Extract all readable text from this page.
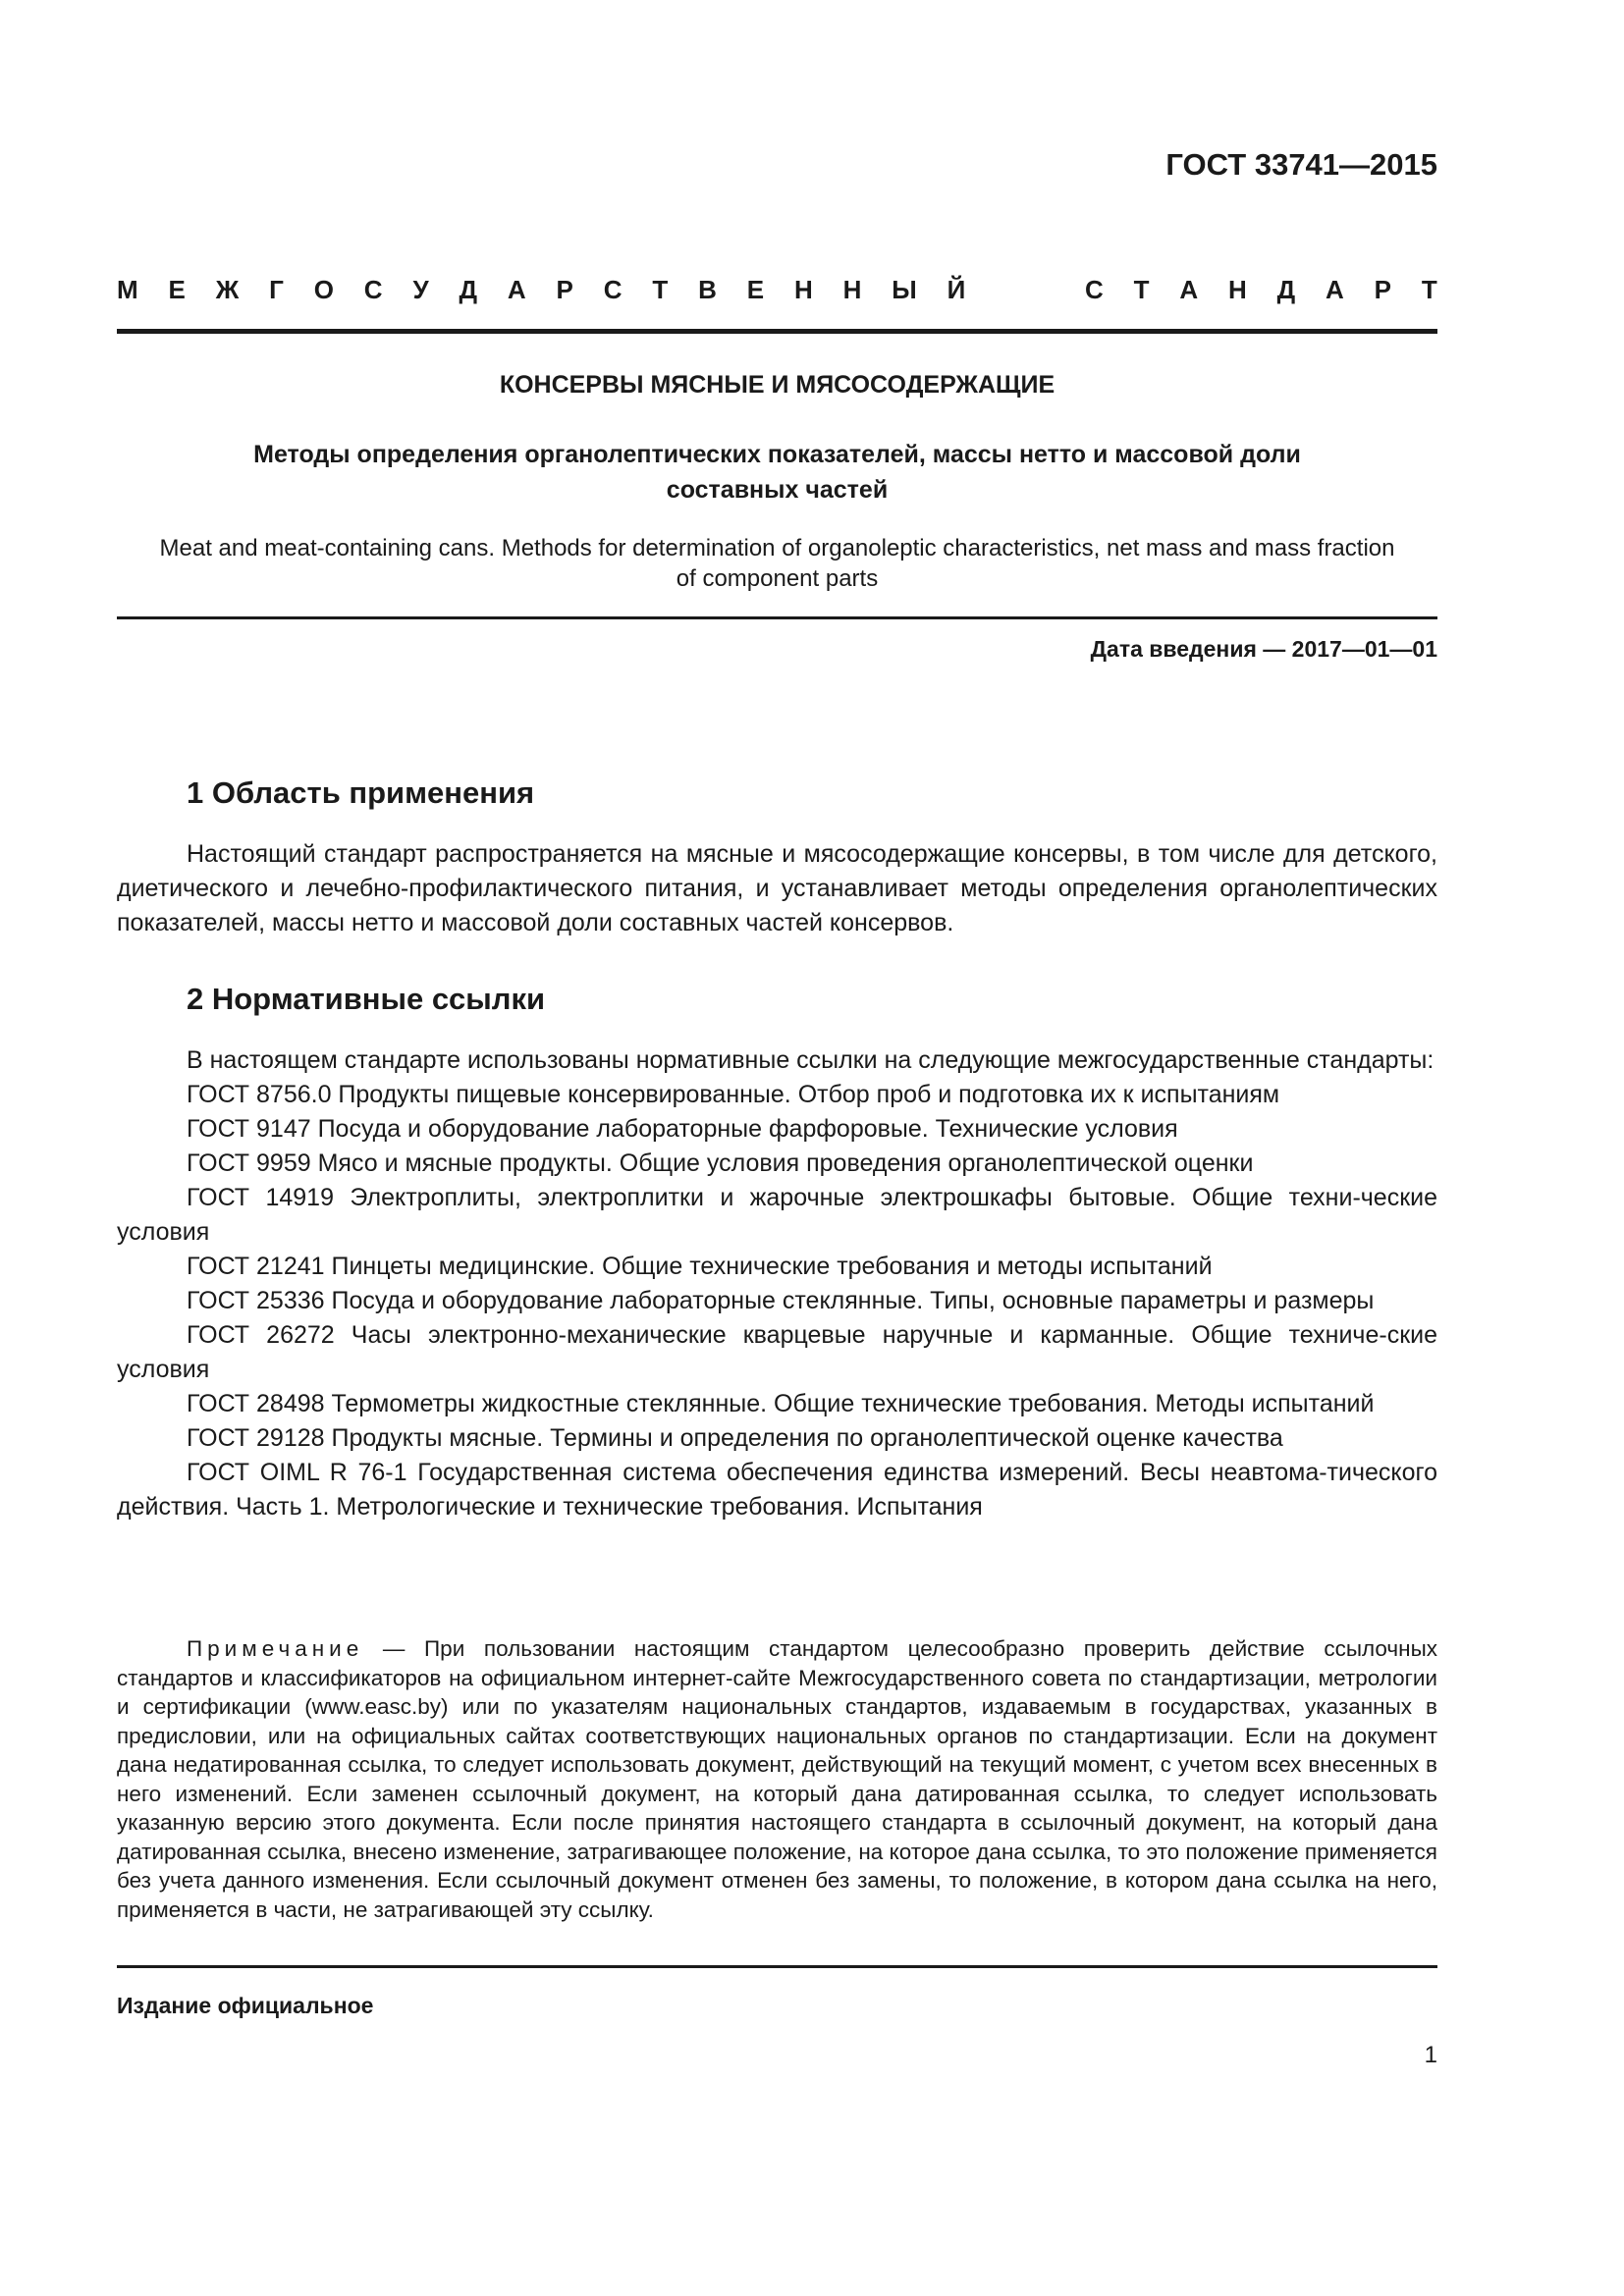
ГОСТ 33741—2015
М Е Ж Г О С У Д А Р С Т В Е Н Н Ы Й	С Т А Н Д А Р Т
КОНСЕРВЫ МЯСНЫЕ И МЯСОСОДЕРЖАЩИЕ
Методы определения органолептических показателей, массы нетто и массовой доли
составных частей
Meat and meat-containing cans. Methods for determination of organoleptic characteristics, net mass and mass fraction
of component parts
Дата введения — 2017—01—01
1 Область применения

Настоящий стандарт распространяется на мясные и мясосодержащие консервы, в том числе для детского, диетического и лечебно-профилактического питания, и устанавливает методы определения органолептических показателей, массы нетто и массовой доли составных частей консервов.

2 Нормативные ссылки

В настоящем стандарте использованы нормативные ссылки на следующие межгосударственные стандарты:

ГОСТ 8756.0 Продукты пищевые консервированные. Отбор проб и подготовка их к испытаниям

ГОСТ 9147 Посуда и оборудование лабораторные фарфоровые. Технические условия

ГОСТ 9959 Мясо и мясные продукты. Общие условия проведения органолептической оценки

ГОСТ 14919 Электроплиты, электроплитки и жарочные электрошкафы бытовые. Общие техни-ческие условия

ГОСТ 21241 Пинцеты медицинские. Общие технические требования и методы испытаний

ГОСТ 25336 Посуда и оборудование лабораторные стеклянные. Типы, основные параметры и размеры

ГОСТ 26272 Часы электронно-механические кварцевые наручные и карманные. Общие техниче-ские условия

ГОСТ 28498 Термометры жидкостные стеклянные. Общие технические требования. Методы испытаний

ГОСТ 29128 Продукты мясные. Термины и определения по органолептической оценке качества

ГОСТ OIML R 76-1 Государственная система обеспечения единства измерений. Весы неавтома-тического действия. Часть 1. Метрологические и технические требования. Испытания

Примечание — При пользовании настоящим стандартом целесообразно проверить действие ссылочных стандартов и классификаторов на официальном интернет-сайте Межгосударственного совета по стандартизации, метрологии и сертификации (www.easc.by) или по указателям национальных стандартов, издаваемым в государствах, указанных в предисловии, или на официальных сайтах соответствующих национальных органов по стандартизации. Если на документ дана недатированная ссылка, то следует использовать документ, действующий на текущий момент, с учетом всех внесенных в него изменений. Если заменен ссылочный документ, на который дана датированная ссылка, то следует использовать указанную версию этого документа. Если после принятия настоящего стандарта в ссылочный документ, на который дана датированная ссылка, внесено изменение, затрагивающее положение, на которое дана ссылка, то это положение применяется без учета данного изменения. Если ссылочный документ отменен без замены, то положение, в котором дана ссылка на него, применяется в части, не затрагивающей эту ссылку.

Издание официальное
1
